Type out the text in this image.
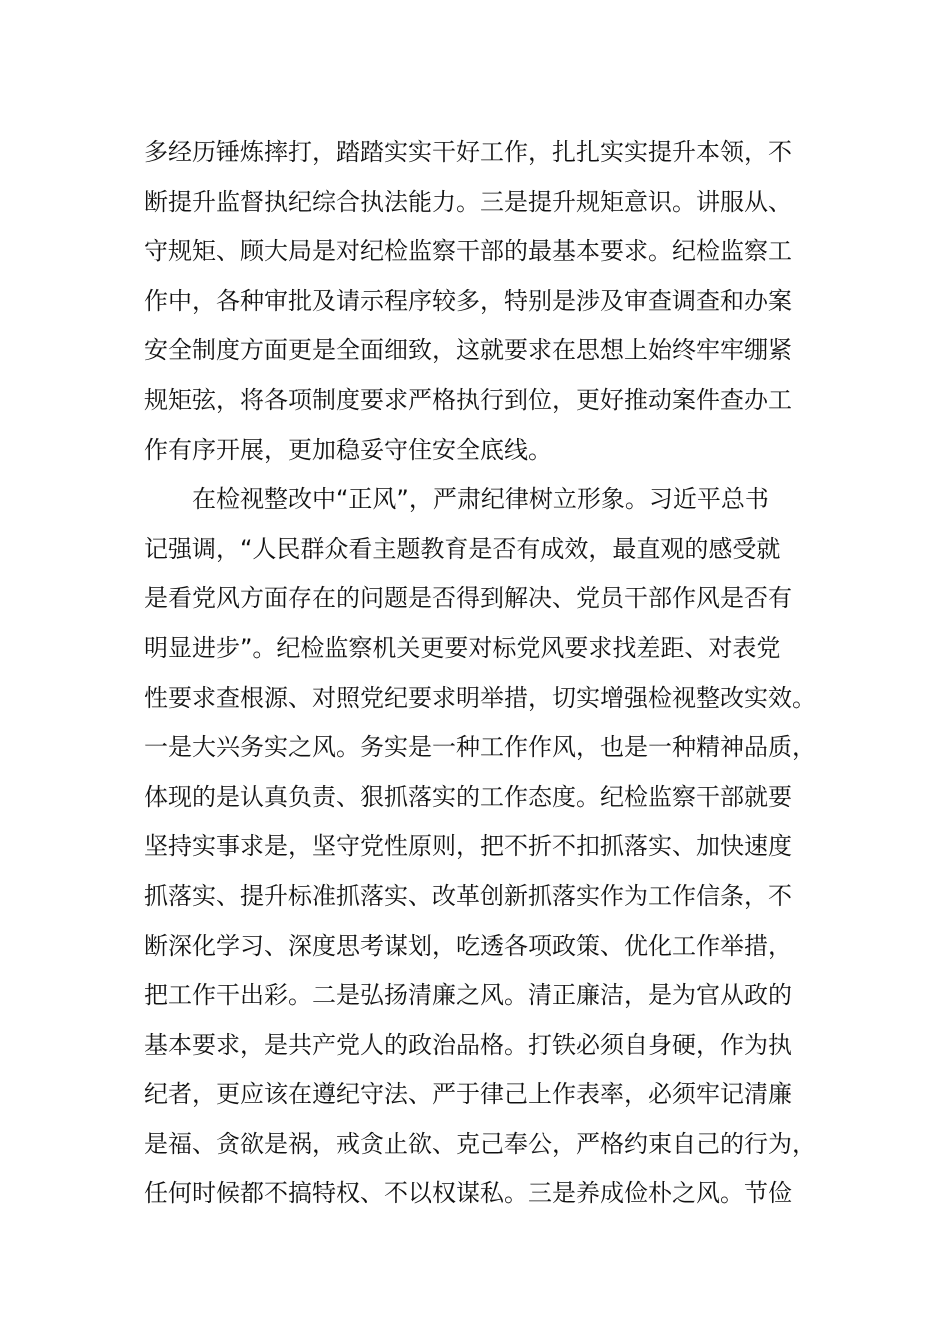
多经历锤炼摔打，踏踏实实干好工作，扎扎实实提升本领，不
断提升监督执纪综合执法能力。三是提升规矩意识。讲服从、
守规矩、顾大局是对纪检监察干部的最基本要求。纪检监察工
作中，各种审批及请示程序较多，特别是涉及审查调查和办案
安全制度方面更是全面细致，这就要求在思想上始终牢牢绷紧
规矩弦，将各项制度要求严格执行到位，更好推动案件查办工
作有序开展，更加稳妥守住安全底线。
在检视整改中“正风”，严肃纪律树立形象。习近平总书
记强调，“人民群众看主题教育是否有成效，最直观的感受就
是看党风方面存在的问题是否得到解决、党员干部作风是否有
明显进步”。纪检监察机关更要对标党风要求找差距、对表党
性要求查根源、对照党纪要求明举措，切实增强检视整改实效。
一是大兴务实之风。务实是一种工作作风，也是一种精神品质，
体现的是认真负责、狠抓落实的工作态度。纪检监察干部就要
坚持实事求是，坚守党性原则，把不折不扣抓落实、加快速度
抓落实、提升标准抓落实、改革创新抓落实作为工作信条，不
断深化学习、深度思考谋划，吃透各项政策、优化工作举措，
把工作干出彩。二是弘扬清廉之风。清正廉洁，是为官从政的
基本要求，是共产党人的政治品格。打铁必须自身硬，作为执
纪者，更应该在遵纪守法、严于律己上作表率，必须牢记清廉
是福、贪欲是祸，戒贪止欲、克己奉公，严格约束自己的行为，
任何时候都不搞特权、不以权谋私。三是养成俭朴之风。节俭
